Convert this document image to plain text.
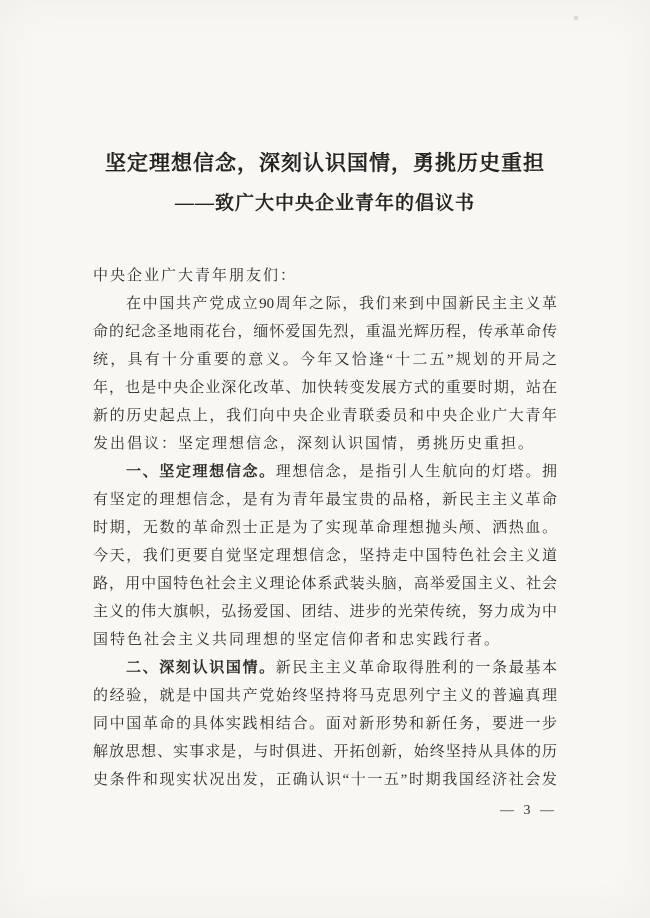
坚定理想信念，深刻认识国情，勇挑历史重担
——致广大中央企业青年的倡议书
中央企业广大青年朋友们：
在中国共产党成立90周年之际，我们来到中国新民主主义革
命的纪念圣地雨花台，缅怀爱国先烈，重温光辉历程，传承革命传
统，具有十分重要的意义。今年又恰逢“十二五”规划的开局之
年，也是中央企业深化改革、加快转变发展方式的重要时期，站在
新的历史起点上，我们向中央企业青联委员和中央企业广大青年
发出倡议：坚定理想信念，深刻认识国情，勇挑历史重担。
一、坚定理想信念。理想信念，是指引人生航向的灯塔。拥
有坚定的理想信念，是有为青年最宝贵的品格，新民主主义革命
时期，无数的革命烈士正是为了实现革命理想抛头颅、洒热血。
今天，我们更要自觉坚定理想信念，坚持走中国特色社会主义道
路，用中国特色社会主义理论体系武装头脑，高举爱国主义、社会
主义的伟大旗帜，弘扬爱国、团结、进步的光荣传统，努力成为中
国特色社会主义共同理想的坚定信仰者和忠实践行者。
二、深刻认识国情。新民主主义革命取得胜利的一条最基本
的经验，就是中国共产党始终坚持将马克思列宁主义的普遍真理
同中国革命的具体实践相结合。面对新形势和新任务，要进一步
解放思想、实事求是，与时俱进、开拓创新，始终坚持从具体的历
史条件和现实状况出发，正确认识“十一五”时期我国经济社会发
— 3 —
